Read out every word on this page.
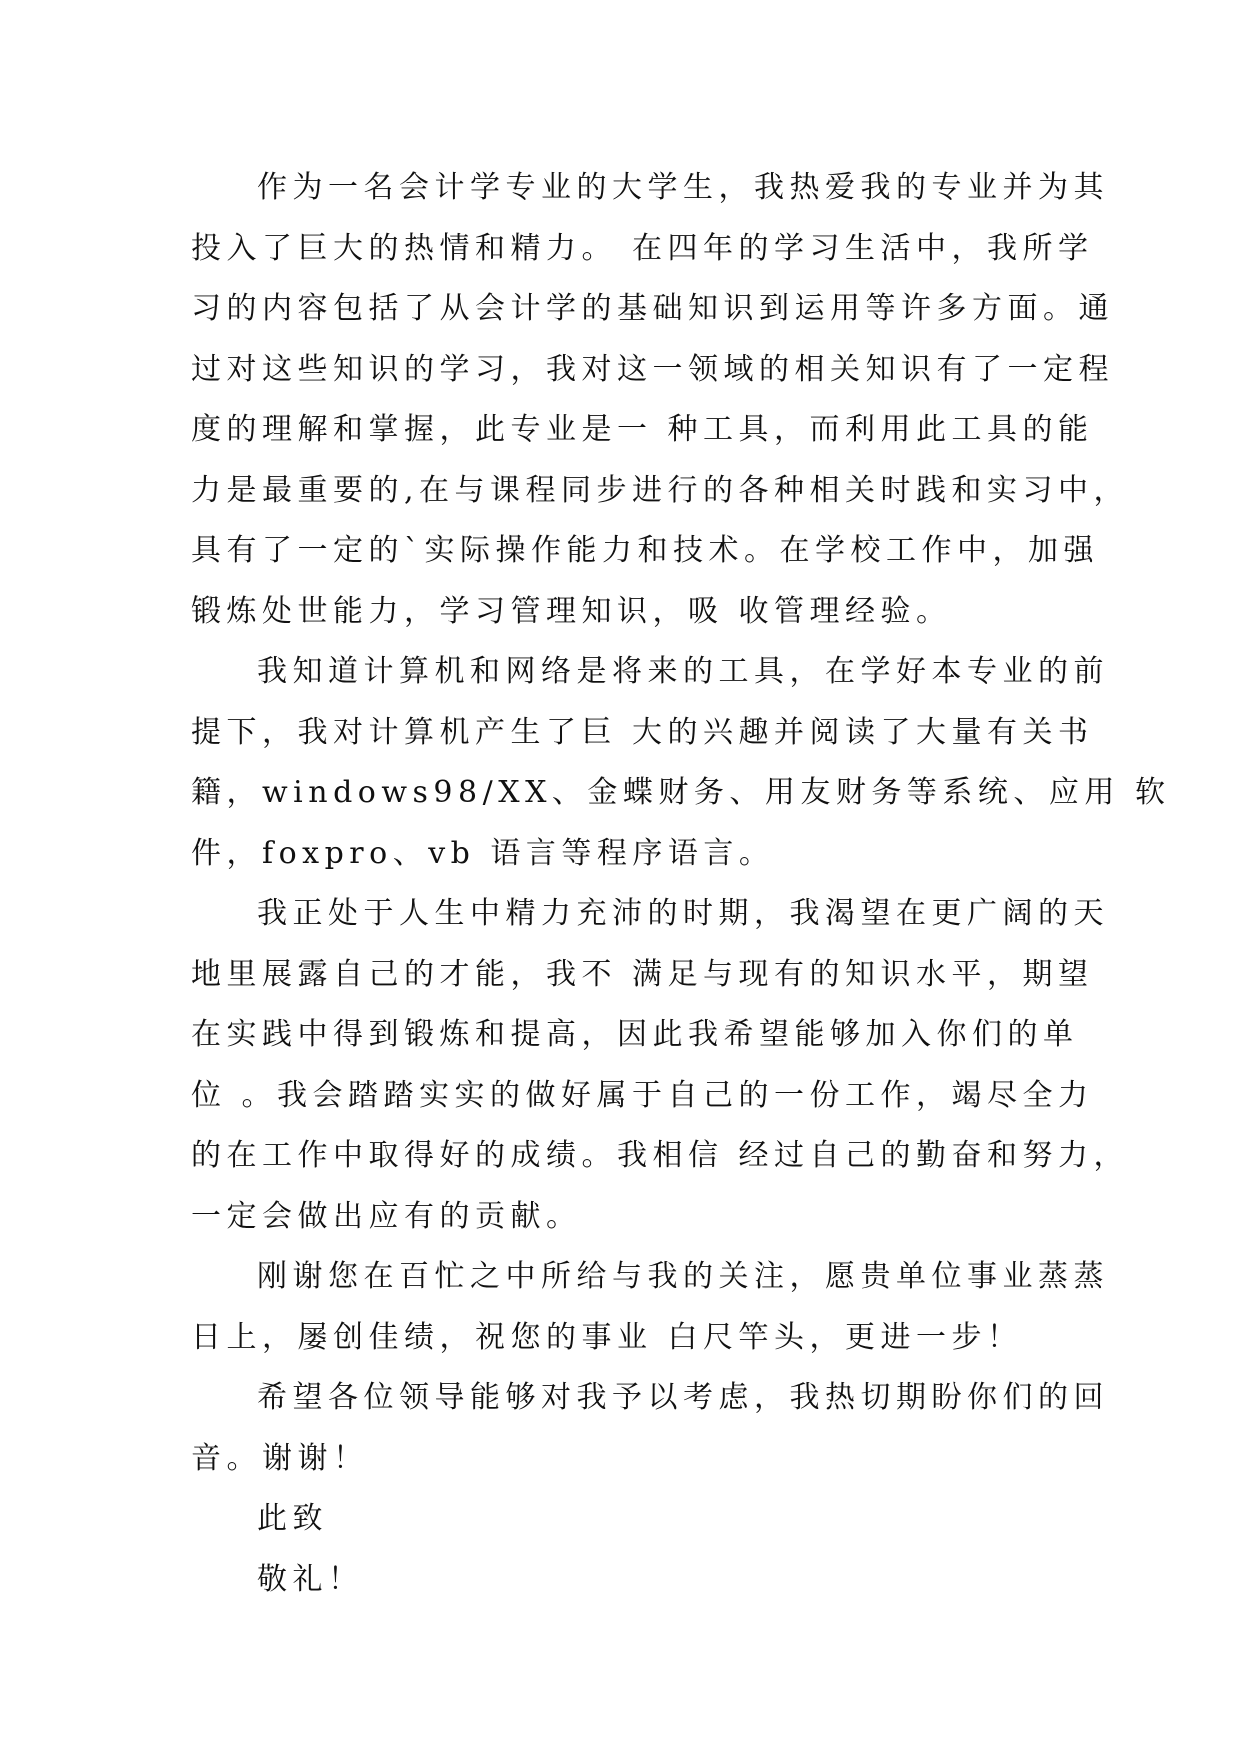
作为一名会计学专业的大学生，我热爱我的专业并为其
投入了巨大的热情和精力。 在四年的学习生活中，我所学
习的内容包括了从会计学的基础知识到运用等许多方面。通
过对这些知识的学习，我对这一领域的相关知识有了一定程
度的理解和掌握，此专业是一 种工具，而利用此工具的能
力是最重要的,在与课程同步进行的各种相关时践和实习中，
具有了一定的`实际操作能力和技术。在学校工作中，加强
锻炼处世能力，学习管理知识，吸 收管理经验。
我知道计算机和网络是将来的工具，在学好本专业的前
提下，我对计算机产生了巨 大的兴趣并阅读了大量有关书
籍，windows98/XX、金蝶财务、用友财务等系统、应用 软
件，foxpro、vb 语言等程序语言。
我正处于人生中精力充沛的时期，我渴望在更广阔的天
地里展露自己的才能，我不 满足与现有的知识水平，期望
在实践中得到锻炼和提高，因此我希望能够加入你们的单
位 。我会踏踏实实的做好属于自己的一份工作，竭尽全力
的在工作中取得好的成绩。我相信 经过自己的勤奋和努力，
一定会做出应有的贡献。
刚谢您在百忙之中所给与我的关注，愿贵单位事业蒸蒸
日上，屡创佳绩，祝您的事业 白尺竿头，更进一步！
希望各位领导能够对我予以考虑，我热切期盼你们的回
音。谢谢！
此致
敬礼！
